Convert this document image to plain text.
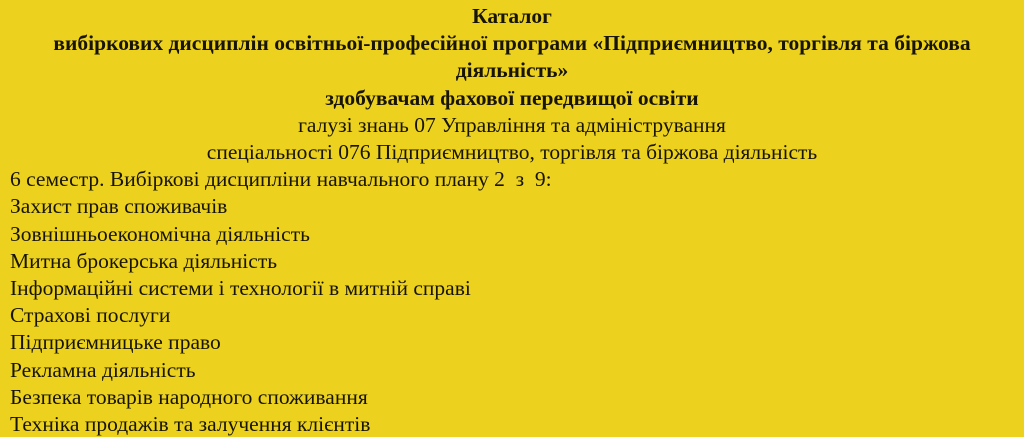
Каталог
вибіркових дисциплін освітньої-професійної програми «Підприємництво, торгівля та біржова
діяльність»
здобувачам фахової передвищої освіти
галузі знань 07 Управління та адміністрування
спеціальності 076 Підприємництво, торгівля та біржова діяльність
6 семестр. Вибіркові дисципліни навчального плану 2  з  9:
Захист прав споживачів
Зовнішньоекономічна діяльність
Митна брокерська діяльність
Інформаційні системи і технології в митній справі
Страхові послуги
Підприємницьке право
Рекламна діяльність
Безпека товарів народного споживання
Техніка продажів та залучення клієнтів
